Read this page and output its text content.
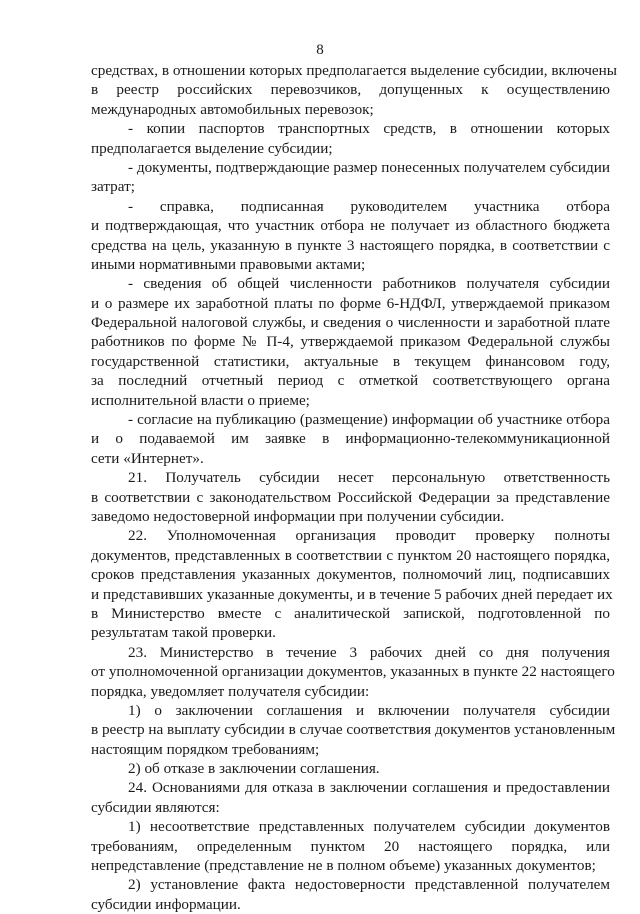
8
средствах, в отношении которых предполагается выделение субсидии, включены
в реестр российских перевозчиков, допущенных к осуществлению
международных автомобильных перевозок;
- копии паспортов транспортных средств, в отношении которых
предполагается выделение субсидии;
- документы, подтверждающие размер понесенных получателем субсидии
затрат;
- справка, подписанная руководителем участника отбора
и подтверждающая, что участник отбора не получает из областного бюджета
средства на цель, указанную в пункте 3 настоящего порядка, в соответствии с
иными нормативными правовыми актами;
- сведения об общей численности работников получателя субсидии
и о размере их заработной платы по форме 6-НДФЛ, утверждаемой приказом
Федеральной налоговой службы, и сведения о численности и заработной плате
работников по форме № П-4, утверждаемой приказом Федеральной службы
государственной статистики, актуальные в текущем финансовом году,
за последний отчетный период с отметкой соответствующего органа
исполнительной власти о приеме;
- согласие на публикацию (размещение) информации об участнике отбора
и о подаваемой им заявке в информационно-телекоммуникационной
сети «Интернет».
21. Получатель субсидии несет персональную ответственность
в соответствии с законодательством Российской Федерации за представление
заведомо недостоверной информации при получении субсидии.
22. Уполномоченная организация проводит проверку полноты
документов, представленных в соответствии с пунктом 20 настоящего порядка,
сроков представления указанных документов, полномочий лиц, подписавших
и представивших указанные документы, и в течение 5 рабочих дней передает их
в Министерство вместе с аналитической запиской, подготовленной по
результатам такой проверки.
23. Министерство в течение 3 рабочих дней со дня получения
от уполномоченной организации документов, указанных в пункте 22 настоящего
порядка, уведомляет получателя субсидии:
1) о заключении соглашения и включении получателя субсидии
в реестр на выплату субсидии в случае соответствия документов установленным
настоящим порядком требованиям;
2) об отказе в заключении соглашения.
24. Основаниями для отказа в заключении соглашения и предоставлении
субсидии являются:
1) несоответствие представленных получателем субсидии документов
требованиям, определенным пунктом 20 настоящего порядка, или
непредставление (представление не в полном объеме) указанных документов;
2) установление факта недостоверности представленной получателем
субсидии информации.
